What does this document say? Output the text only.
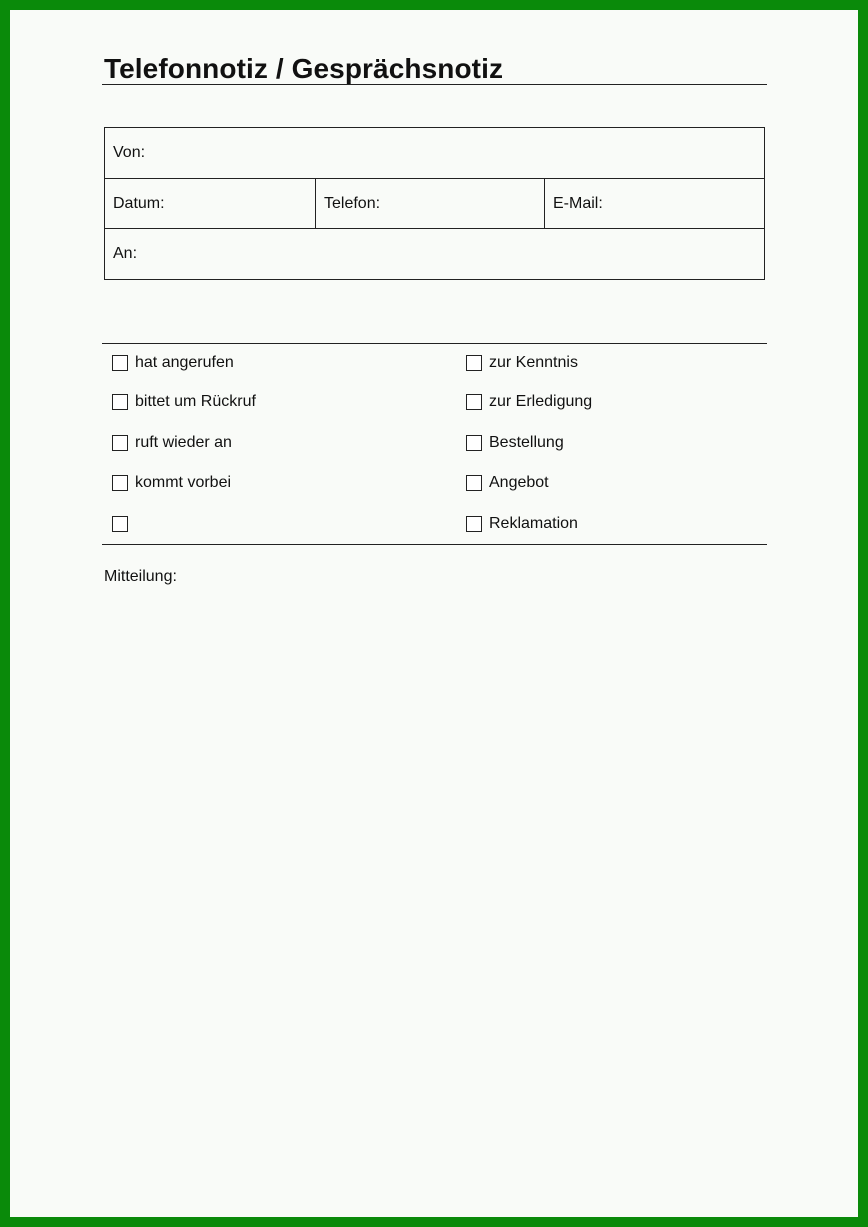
Telefonnotiz / Gesprächsnotiz
Von:
Datum:	Telefon:	E-Mail:
An:
hat angerufen
bittet um Rückruf
ruft wieder an
kommt vorbei
zur Kenntnis
zur Erledigung
Bestellung
Angebot
Reklamation
Mitteilung:
